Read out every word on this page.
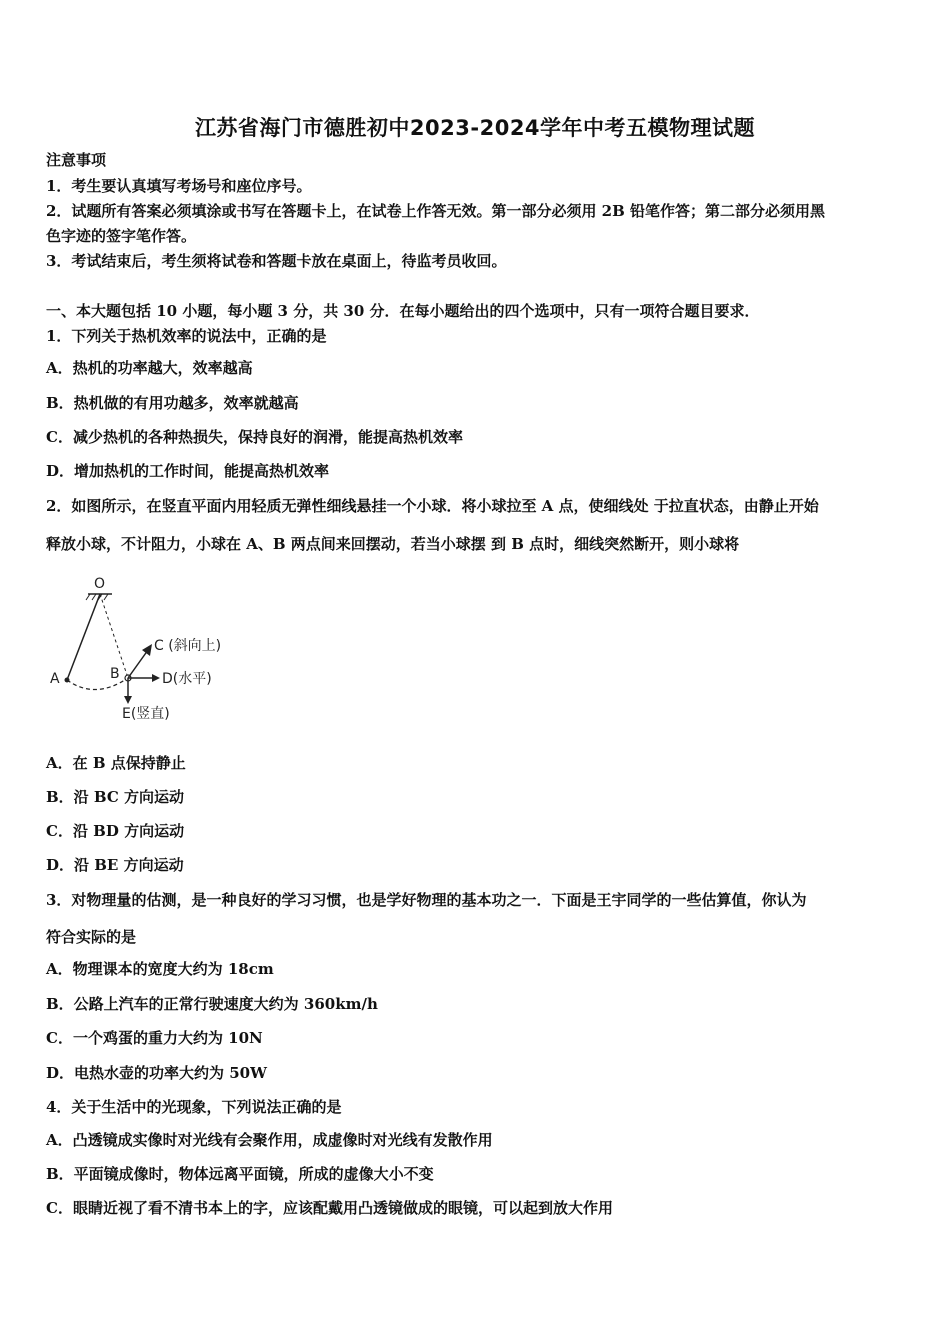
江苏省海门市德胜初中2023-2024学年中考五模物理试题
注意事项
1．考生要认真填写考场号和座位序号。
2．试题所有答案必须填涂或书写在答题卡上，在试卷上作答无效。第一部分必须用 2B 铅笔作答；第二部分必须用黑
色字迹的签字笔作答。
3．考试结束后，考生须将试卷和答题卡放在桌面上，待监考员收回。
一、本大题包括 10 小题，每小题 3 分，共 30 分．在每小题给出的四个选项中，只有一项符合题目要求．
1．下列关于热机效率的说法中，正确的是
A．热机的功率越大，效率越高
B．热机做的有用功越多，效率就越高
C．减少热机的各种热损失，保持良好的润滑，能提高热机效率
D．增加热机的工作时间，能提高热机效率
2．如图所示，在竖直平面内用轻质无弹性细线悬挂一个小球．将小球拉至 A 点，使细线处 于拉直状态，由静止开始
释放小球，不计阻力，小球在 A、B 两点间来回摆动，若当小球摆 到 B 点时，细线突然断开，则小球将
O
A	B
C (斜向上)
D(水平)
E(竖直)
A．在 B 点保持静止
B．沿 BC 方向运动
C．沿 BD 方向运动
D．沿 BE 方向运动
3．对物理量的估测，是一种良好的学习习惯，也是学好物理的基本功之一．下面是王宇同学的一些估算值，你认为
符合实际的是
A．物理课本的宽度大约为 18cm
B．公路上汽车的正常行驶速度大约为 360km/h
C．一个鸡蛋的重力大约为 10N
D．电热水壶的功率大约为 50W
4．关于生活中的光现象，下列说法正确的是
A．凸透镜成实像时对光线有会聚作用，成虚像时对光线有发散作用
B．平面镜成像时，物体远离平面镜，所成的虚像大小不变
C．眼睛近视了看不清书本上的字，应该配戴用凸透镜做成的眼镜，可以起到放大作用
